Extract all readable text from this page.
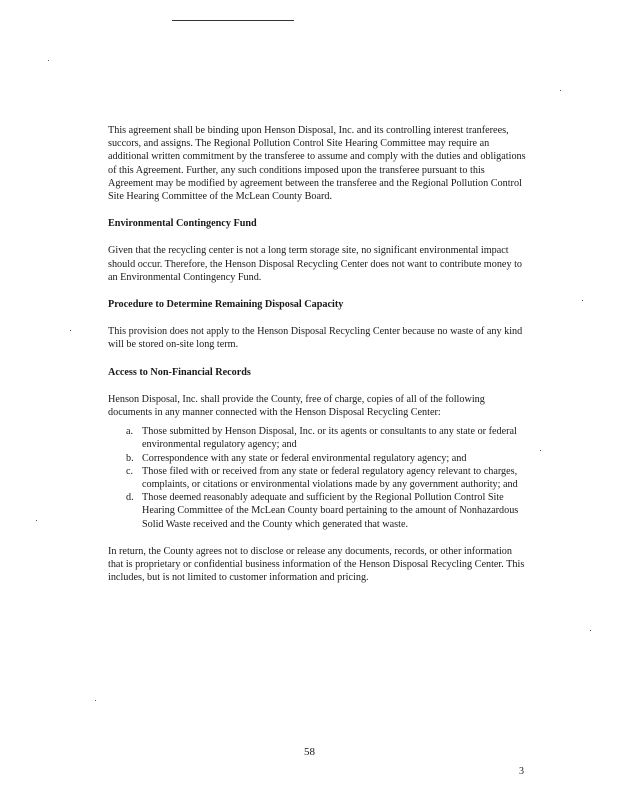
This agreement shall be binding upon Henson Disposal, Inc. and its controlling interest tranferees, succors, and assigns. The Regional Pollution Control Site Hearing Committee may require an additional written commitment by the transferee to assume and comply with the duties and obligations of this Agreement. Further, any such conditions imposed upon the transferee pursuant to this Agreement may be modified by agreement between the transferee and the Regional Pollution Control Site Hearing Committee of the McLean County Board.

Environmental Contingency Fund

Given that the recycling center is not a long term storage site, no significant environmental impact should occur. Therefore, the Henson Disposal Recycling Center does not want to contribute money to an Environmental Contingency Fund.

Procedure to Determine Remaining Disposal Capacity

This provision does not apply to the Henson Disposal Recycling Center because no waste of any kind will be stored on-site long term.

Access to Non-Financial Records

Henson Disposal, Inc. shall provide the County, free of charge, copies of all of the following documents in any manner connected with the Henson Disposal Recycling Center:

a. Those submitted by Henson Disposal, Inc. or its agents or consultants to any state or federal environmental regulatory agency; and
b. Correspondence with any state or federal environmental regulatory agency; and
c. Those filed with or received from any state or federal regulatory agency relevant to charges, complaints, or citations or environmental violations made by any government authority; and
d. Those deemed reasonably adequate and sufficient by the Regional Pollution Control Site Hearing Committee of the McLean County board pertaining to the amount of Nonhazardous Solid Waste received and the County which generated that waste.

In return, the County agrees not to disclose or release any documents, records, or other information that is proprietary or confidential business information of the Henson Disposal Recycling Center. This includes, but is not limited to customer information and pricing.

58
3
